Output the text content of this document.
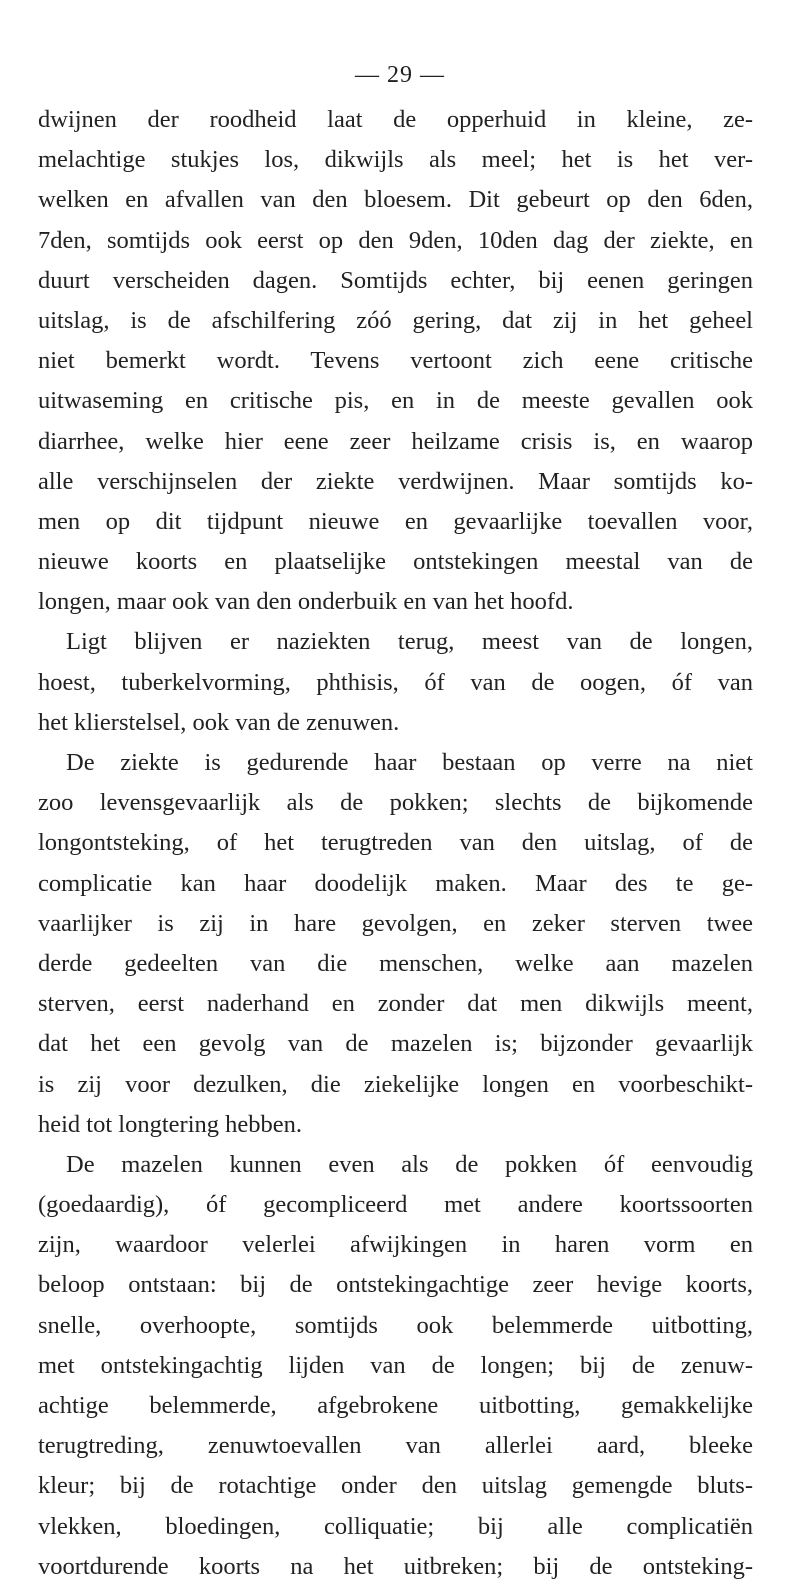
— 29 —
dwijnen der roodheid laat de opperhuid in kleine, ze-
melachtige stukjes los, dikwijls als meel; het is het ver-
welken en afvallen van den bloesem. Dit gebeurt op den 6den,
7den, somtijds ook eerst op den 9den, 10den dag der ziekte, en
duurt verscheiden dagen. Somtijds echter, bij eenen geringen
uitslag, is de afschilfering zóó gering, dat zij in het geheel
niet bemerkt wordt. Tevens vertoont zich eene critische
uitwaseming en critische pis, en in de meeste gevallen ook
diarrhee, welke hier eene zeer heilzame crisis is, en waarop
alle verschijnselen der ziekte verdwijnen. Maar somtijds ko-
men op dit tijdpunt nieuwe en gevaarlijke toevallen voor,
nieuwe koorts en plaatselijke ontstekingen meestal van de
longen, maar ook van den onderbuik en van het hoofd.
Ligt blijven er naziekten terug, meest van de longen,
hoest, tuberkelvorming, phthisis, óf van de oogen, óf van
het klierstelsel, ook van de zenuwen.
De ziekte is gedurende haar bestaan op verre na niet
zoo levensgevaarlijk als de pokken; slechts de bijkomende
longontsteking, of het terugtreden van den uitslag, of de
complicatie kan haar doodelijk maken. Maar des te ge-
vaarlijker is zij in hare gevolgen, en zeker sterven twee
derde gedeelten van die menschen, welke aan mazelen
sterven, eerst naderhand en zonder dat men dikwijls meent,
dat het een gevolg van de mazelen is; bijzonder gevaarlijk
is zij voor dezulken, die ziekelijke longen en voorbeschikt-
heid tot longtering hebben.
De mazelen kunnen even als de pokken óf eenvoudig
(goedaardig), óf gecompliceerd met andere koortssoorten
zijn, waardoor velerlei afwijkingen in haren vorm en
beloop ontstaan: bij de ontstekingachtige zeer hevige koorts,
snelle, overhoopte, somtijds ook belemmerde uitbotting,
met ontstekingachtig lijden van de longen; bij de zenuw-
achtige belemmerde, afgebrokene uitbotting, gemakkelijke
terugtreding, zenuwtoevallen van allerlei aard, bleeke
kleur; bij de rotachtige onder den uitslag gemengde bluts-
vlekken, bloedingen, colliquatie; bij alle complicatiën
voortdurende koorts na het uitbreken; bij de ontsteking-
